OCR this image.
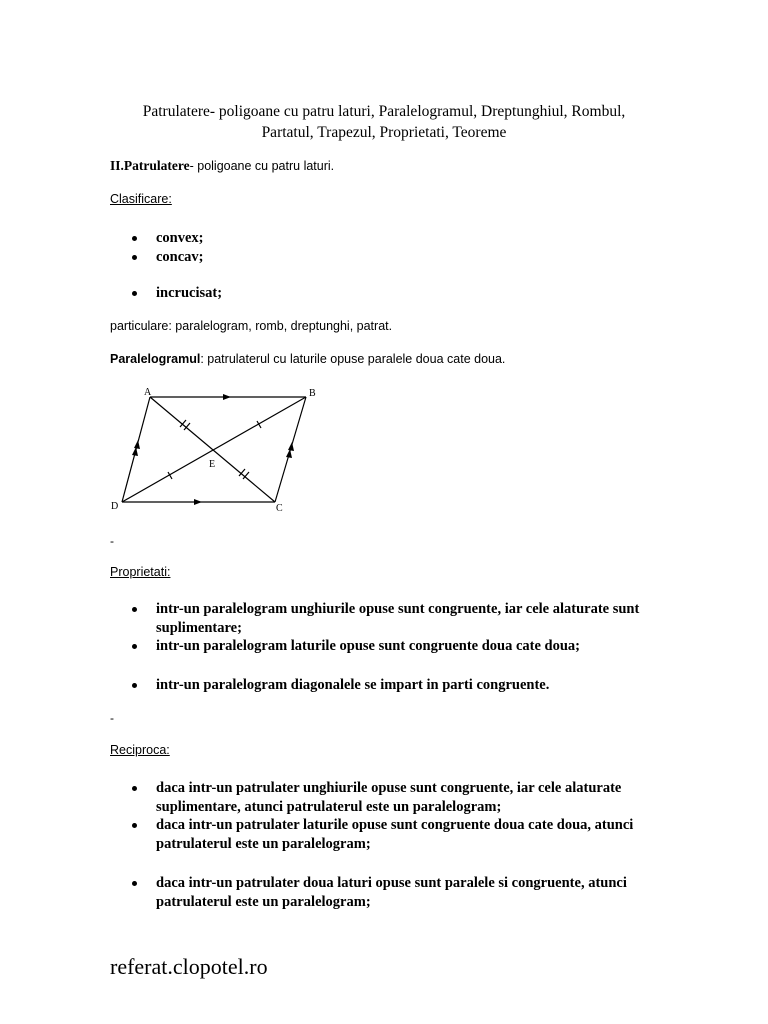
Patrulatere- poligoane cu patru laturi, Paralelogramul, Dreptunghiul, Rombul,
Partatul, Trapezul, Proprietati, Teoreme
II.Patrulatere- poligoane cu patru laturi.
Clasificare:
convex;
concav;
incrucisat;
particulare: paralelogram, romb, dreptunghi, patrat.
Paralelogramul: patrulaterul cu laturile opuse paralele doua cate doua.
A	B
C
D
E
-
Proprietati:
intr-un paralelogram unghiurile opuse sunt congruente, iar cele alaturate sunt
suplimentare;
intr-un paralelogram laturile opuse sunt congruente doua cate doua;
intr-un paralelogram diagonalele se impart in parti congruente.
-
Reciproca:
daca intr-un patrulater unghiurile opuse sunt congruente, iar cele alaturate
suplimentare, atunci patrulaterul este un paralelogram;
daca intr-un patrulater laturile opuse sunt congruente doua cate doua, atunci
patrulaterul este un paralelogram;
daca intr-un patrulater doua laturi opuse sunt paralele si congruente, atunci
patrulaterul este un paralelogram;
referat.clopotel.ro
